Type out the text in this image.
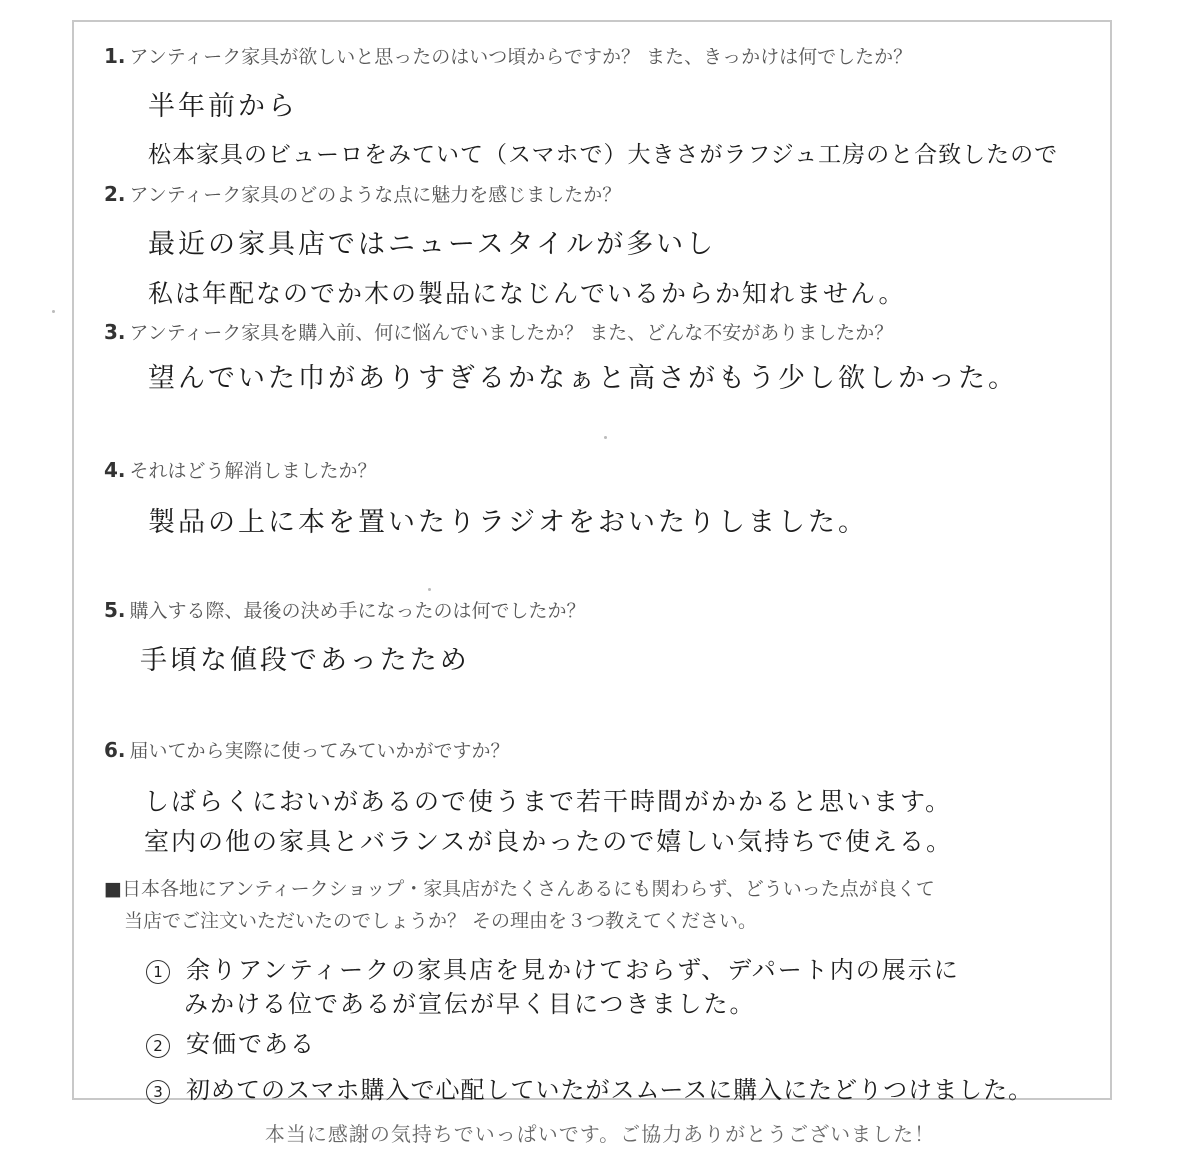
1. アンティーク家具が欲しいと思ったのはいつ頃からですか？ また、きっかけは何でしたか？
半年前から
松本家具のビューロをみていて（スマホで）大きさがラフジュ工房のと合致したので
2. アンティーク家具のどのような点に魅力を感じましたか？
最近の家具店ではニュースタイルが多いし
私は年配なのでか木の製品になじんでいるからか知れません。
3. アンティーク家具を購入前、何に悩んでいましたか？ また、どんな不安がありましたか？
望んでいた巾がありすぎるかなぁと高さがもう少し欲しかった。
4. それはどう解消しましたか？
製品の上に本を置いたりラジオをおいたりしました。
5. 購入する際、最後の決め手になったのは何でしたか？
手頃な値段であったため
6. 届いてから実際に使ってみていかがですか？
しばらくにおいがあるので使うまで若干時間がかかると思います。
室内の他の家具とバランスが良かったので嬉しい気持ちで使える。
■日本各地にアンティークショップ・家具店がたくさんあるにも関わらず、どういった点が良くて
当店でご注文いただいたのでしょうか？ その理由を３つ教えてください。
1 余りアンティークの家具店を見かけておらず、デパート内の展示に
みかける位であるが宣伝が早く目につきました。
2 安価である
3 初めてのスマホ購入で心配していたがスムースに購入にたどりつけました。
本当に感謝の気持ちでいっぱいです。ご協力ありがとうございました！
